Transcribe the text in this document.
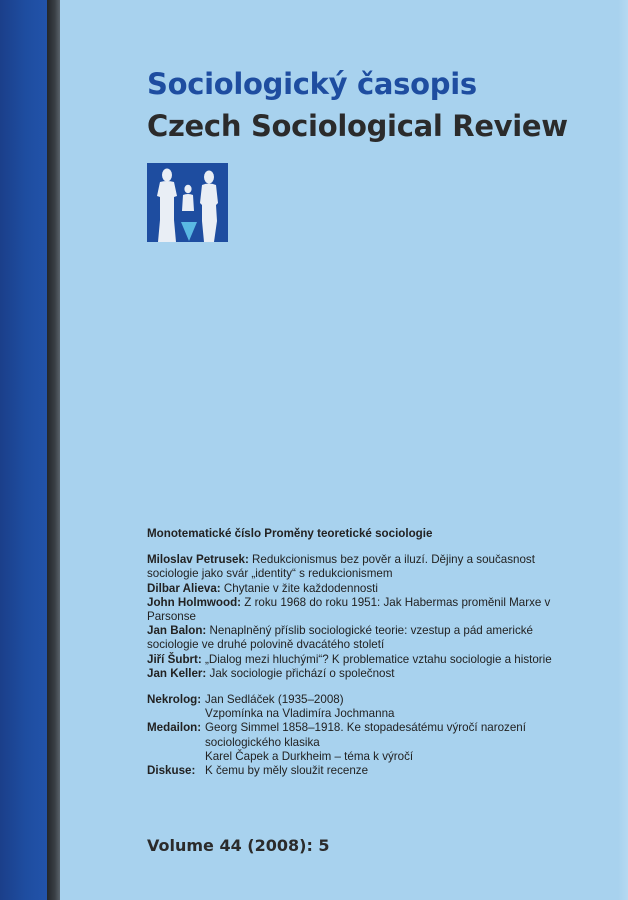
Sociologický časopis
Czech Sociological Review
Monotematické číslo Proměny teoretické sociologie

Miloslav Petrusek: Redukcionismus bez pověr a iluzí. Dějiny a současnost sociologie jako svár „identity“ s redukcionismem

Dilbar Alieva: Chytanie v žite každodennosti

John Holmwood: Z roku 1968 do roku 1951: Jak Habermas proměnil Marxe v Parsonse

Jan Balon: Nenaplněný příslib sociologické teorie: vzestup a pád americké sociologie ve druhé polovině dvacátého století

Jiří Šubrt: „Dialog mezi hluchými“? K problematice vztahu sociologie a historie

Jan Keller: Jak sociologie přichází o společnost

Nekrolog: Jan Sedláček (1935–2008)
Vzpomínka na Vladimíra Jochmanna
Medailon: Georg Simmel 1858–1918. Ke stopadesátému výročí narození sociologického klasika
Karel Čapek a Durkheim – téma k výročí
Diskuse: K čemu by měly sloužit recenze
Volume 44 (2008): 5
